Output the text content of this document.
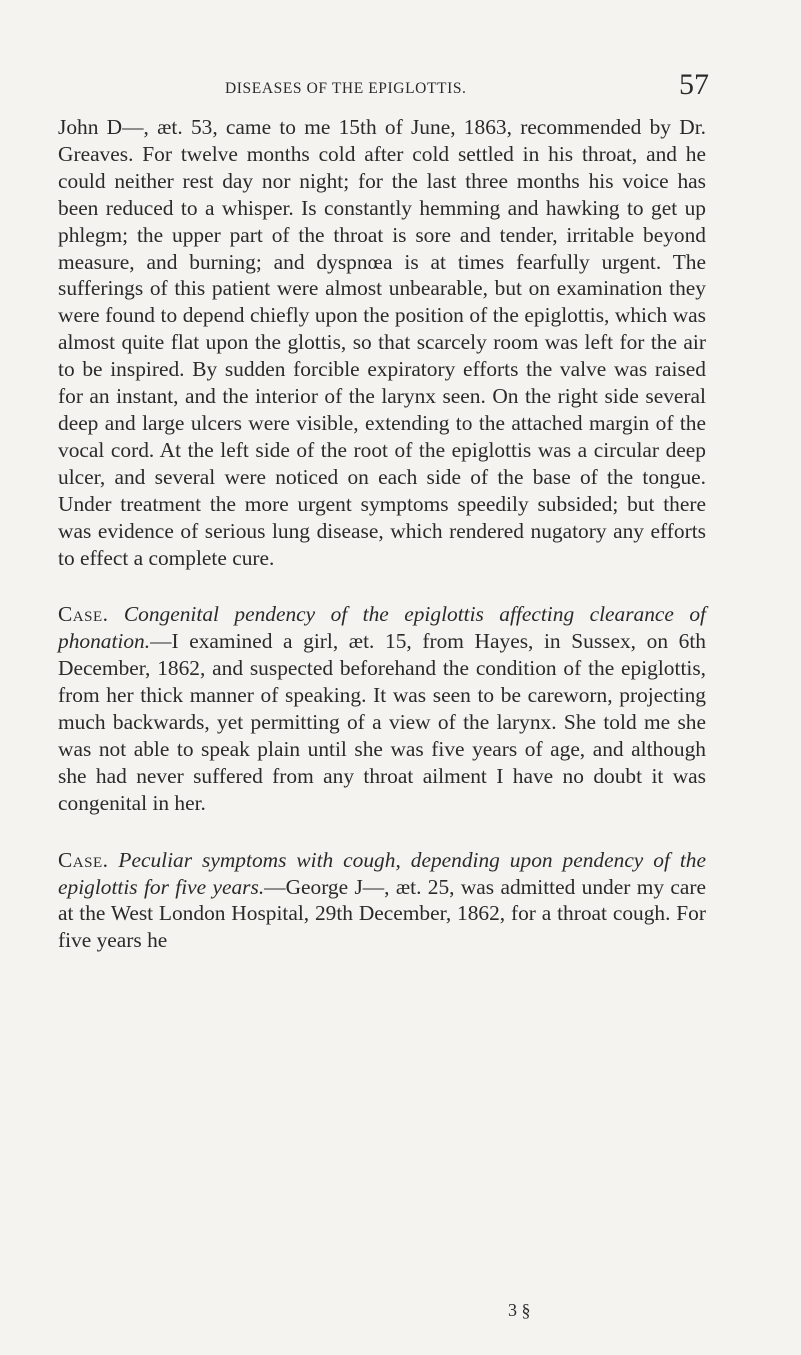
DISEASES OF THE EPIGLOTTIS.	57

John D—, æt. 53, came to me 15th of June, 1863, recommended by Dr. Greaves. For twelve months cold after cold settled in his throat, and he could neither rest day nor night; for the last three months his voice has been reduced to a whisper. Is constantly hemming and hawking to get up phlegm; the upper part of the throat is sore and tender, irritable beyond measure, and burning; and dyspnœa is at times fearfully urgent. The sufferings of this patient were almost unbearable, but on examination they were found to depend chiefly upon the position of the epiglottis, which was almost quite flat upon the glottis, so that scarcely room was left for the air to be inspired. By sudden forcible expiratory efforts the valve was raised for an instant, and the interior of the larynx seen. On the right side several deep and large ulcers were visible, extending to the attached margin of the vocal cord. At the left side of the root of the epiglottis was a circular deep ulcer, and several were noticed on each side of the base of the tongue. Under treatment the more urgent symptoms speedily subsided; but there was evidence of serious lung disease, which rendered nugatory any efforts to effect a complete cure.

Case. Congenital pendency of the epiglottis affecting clearance of phonation.—I examined a girl, æt. 15, from Hayes, in Sussex, on 6th December, 1862, and suspected beforehand the condition of the epiglottis, from her thick manner of speaking. It was seen to be careworn, projecting much backwards, yet permitting of a view of the larynx. She told me she was not able to speak plain until she was five years of age, and although she had never suffered from any throat ailment I have no doubt it was congenital in her.

Case. Peculiar symptoms with cough, depending upon pendency of the epiglottis for five years.—George J—, æt. 25, was admitted under my care at the West London Hospital, 29th December, 1862, for a throat cough. For five years he

3 §
